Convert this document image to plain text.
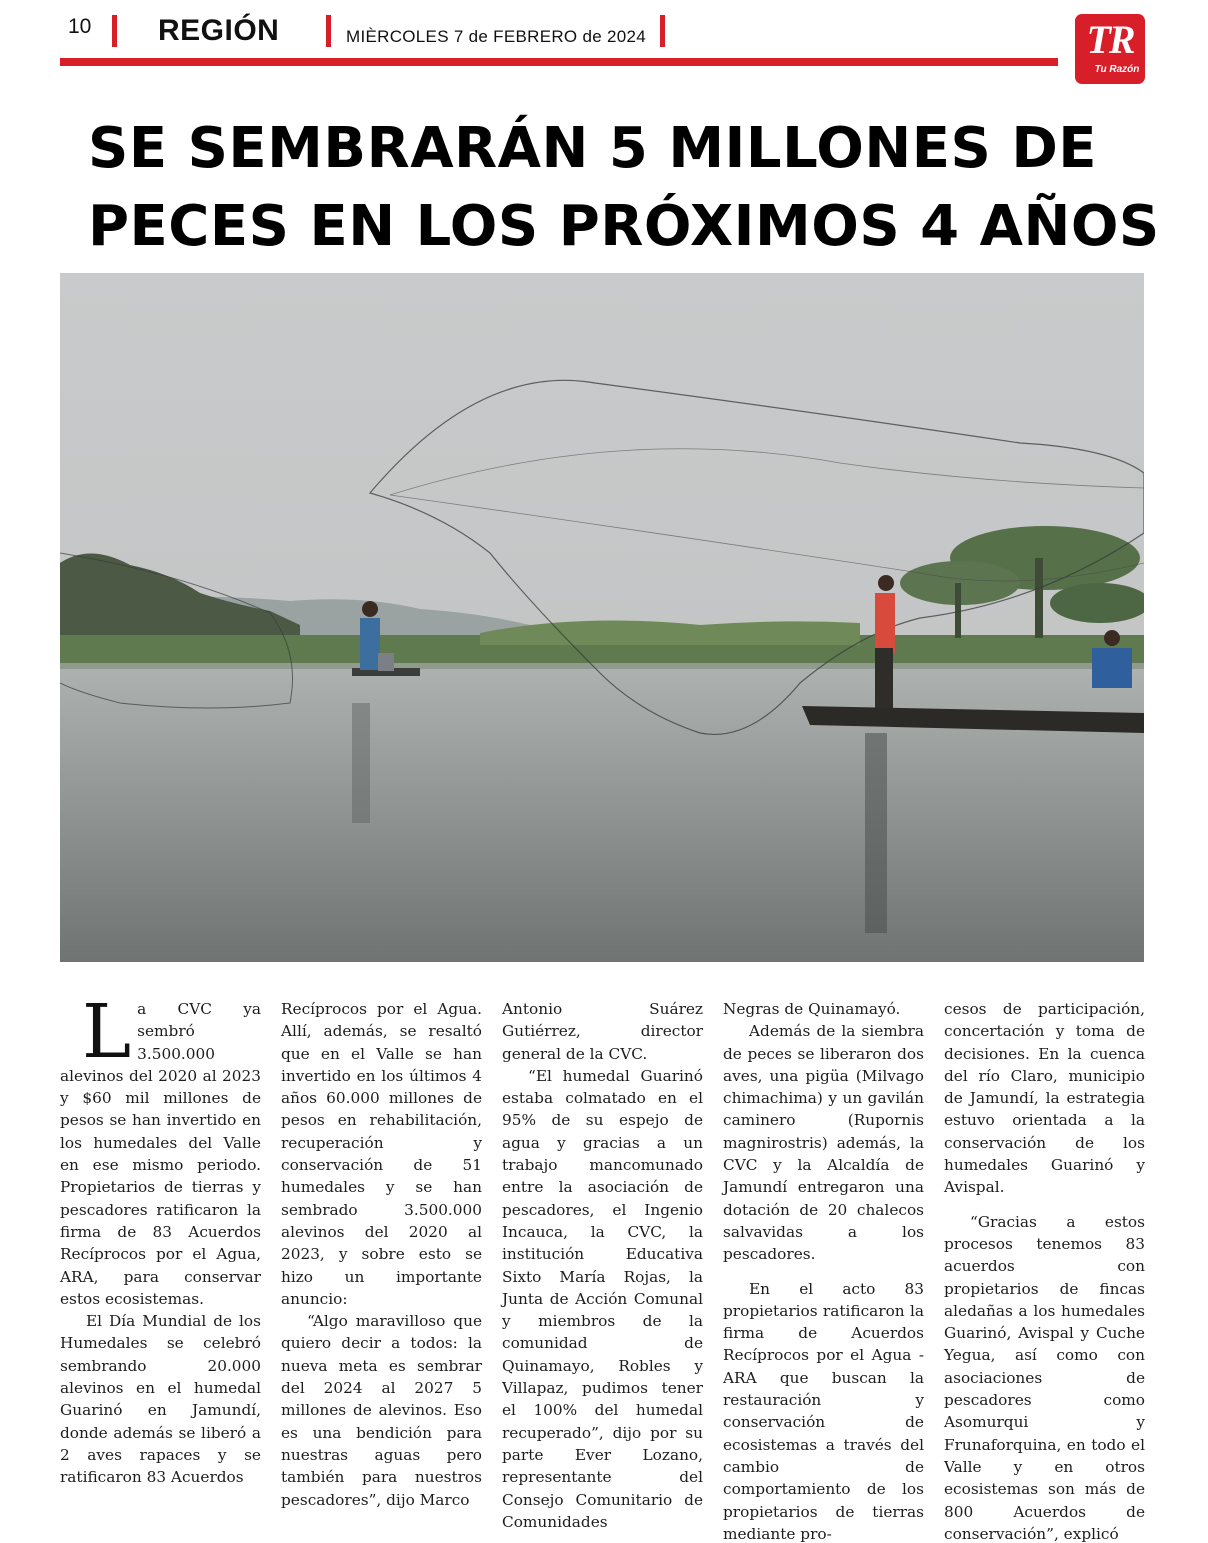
10 REGIÓN	MIÈRCOLES 7 de FEBRERO de 2024	TR
Tu Razón
SE SEMBRARÁN 5 MILLONES DE
PECES EN LOS PRÓXIMOS 4 AÑOS
L a CVC ya sembró 3.500.000 alevinos del 2020 al 2023 y $60 mil millones de pesos se han invertido en los humedales del Valle en ese mismo periodo. Propietarios de tierras y pescadores ratificaron la firma de 83 Acuerdos Recíprocos por el Agua, ARA, para conservar estos ecosistemas.

El Día Mundial de los Humedales se celebró sembrando 20.000 alevinos en el humedal Guarinó en Jamundí, donde además se liberó a 2 aves rapaces y se ratificaron 83 Acuerdos

Recíprocos por el Agua. Allí, además, se resaltó que en el Valle se han invertido en los últimos 4 años 60.000 millones de pesos en rehabilitación, recuperación y conservación de 51 humedales y se han sembrado 3.500.000 alevinos del 2020 al 2023, y sobre esto se hizo un importante anuncio:

“Algo maravilloso que quiero decir a todos: la nueva meta es sembrar del 2024 al 2027 5 millones de alevinos. Eso es una bendición para nuestras aguas pero también para nuestros pescadores”, dijo Marco

Antonio Suárez Gutiérrez, director general de la CVC.

“El humedal Guarinó estaba colmatado en el 95% de su espejo de agua y gracias a un trabajo mancomunado entre la asociación de pescadores, el Ingenio Incauca, la CVC, la institución Educativa Sixto María Rojas, la Junta de Acción Comunal y miembros de la comunidad de Quinamayo, Robles y Villapaz, pudimos tener el 100% del humedal recuperado”, dijo por su parte Ever Lozano, representante del Consejo Comunitario de Comunidades

Negras de Quinamayó.

Además de la siembra de peces se liberaron dos aves, una pigüa (Milvago chimachima) y un gavilán caminero (Rupornis magnirostris) además, la CVC y la Alcaldía de Jamundí entregaron una dotación de 20 chalecos salvavidas a los pescadores.

En el acto 83 propietarios ratificaron la firma de Acuerdos Recíprocos por el Agua - ARA que buscan la restauración y conservación de ecosistemas a través del cambio de comportamiento de los propietarios de tierras mediante pro-

cesos de participación, concertación y toma de decisiones. En la cuenca del río Claro, municipio de Jamundí, la estrategia estuvo orientada a la conservación de los humedales Guarinó y Avispal.

“Gracias a estos procesos tenemos 83 acuerdos con propietarios de fincas aledañas a los humedales Guarinó, Avispal y Cuche Yegua, así como con asociaciones de pescadores como Asomurqui y Frunaforquina, en todo el Valle y en otros ecosistemas son más de 800 Acuerdos de conservación”, explicó
